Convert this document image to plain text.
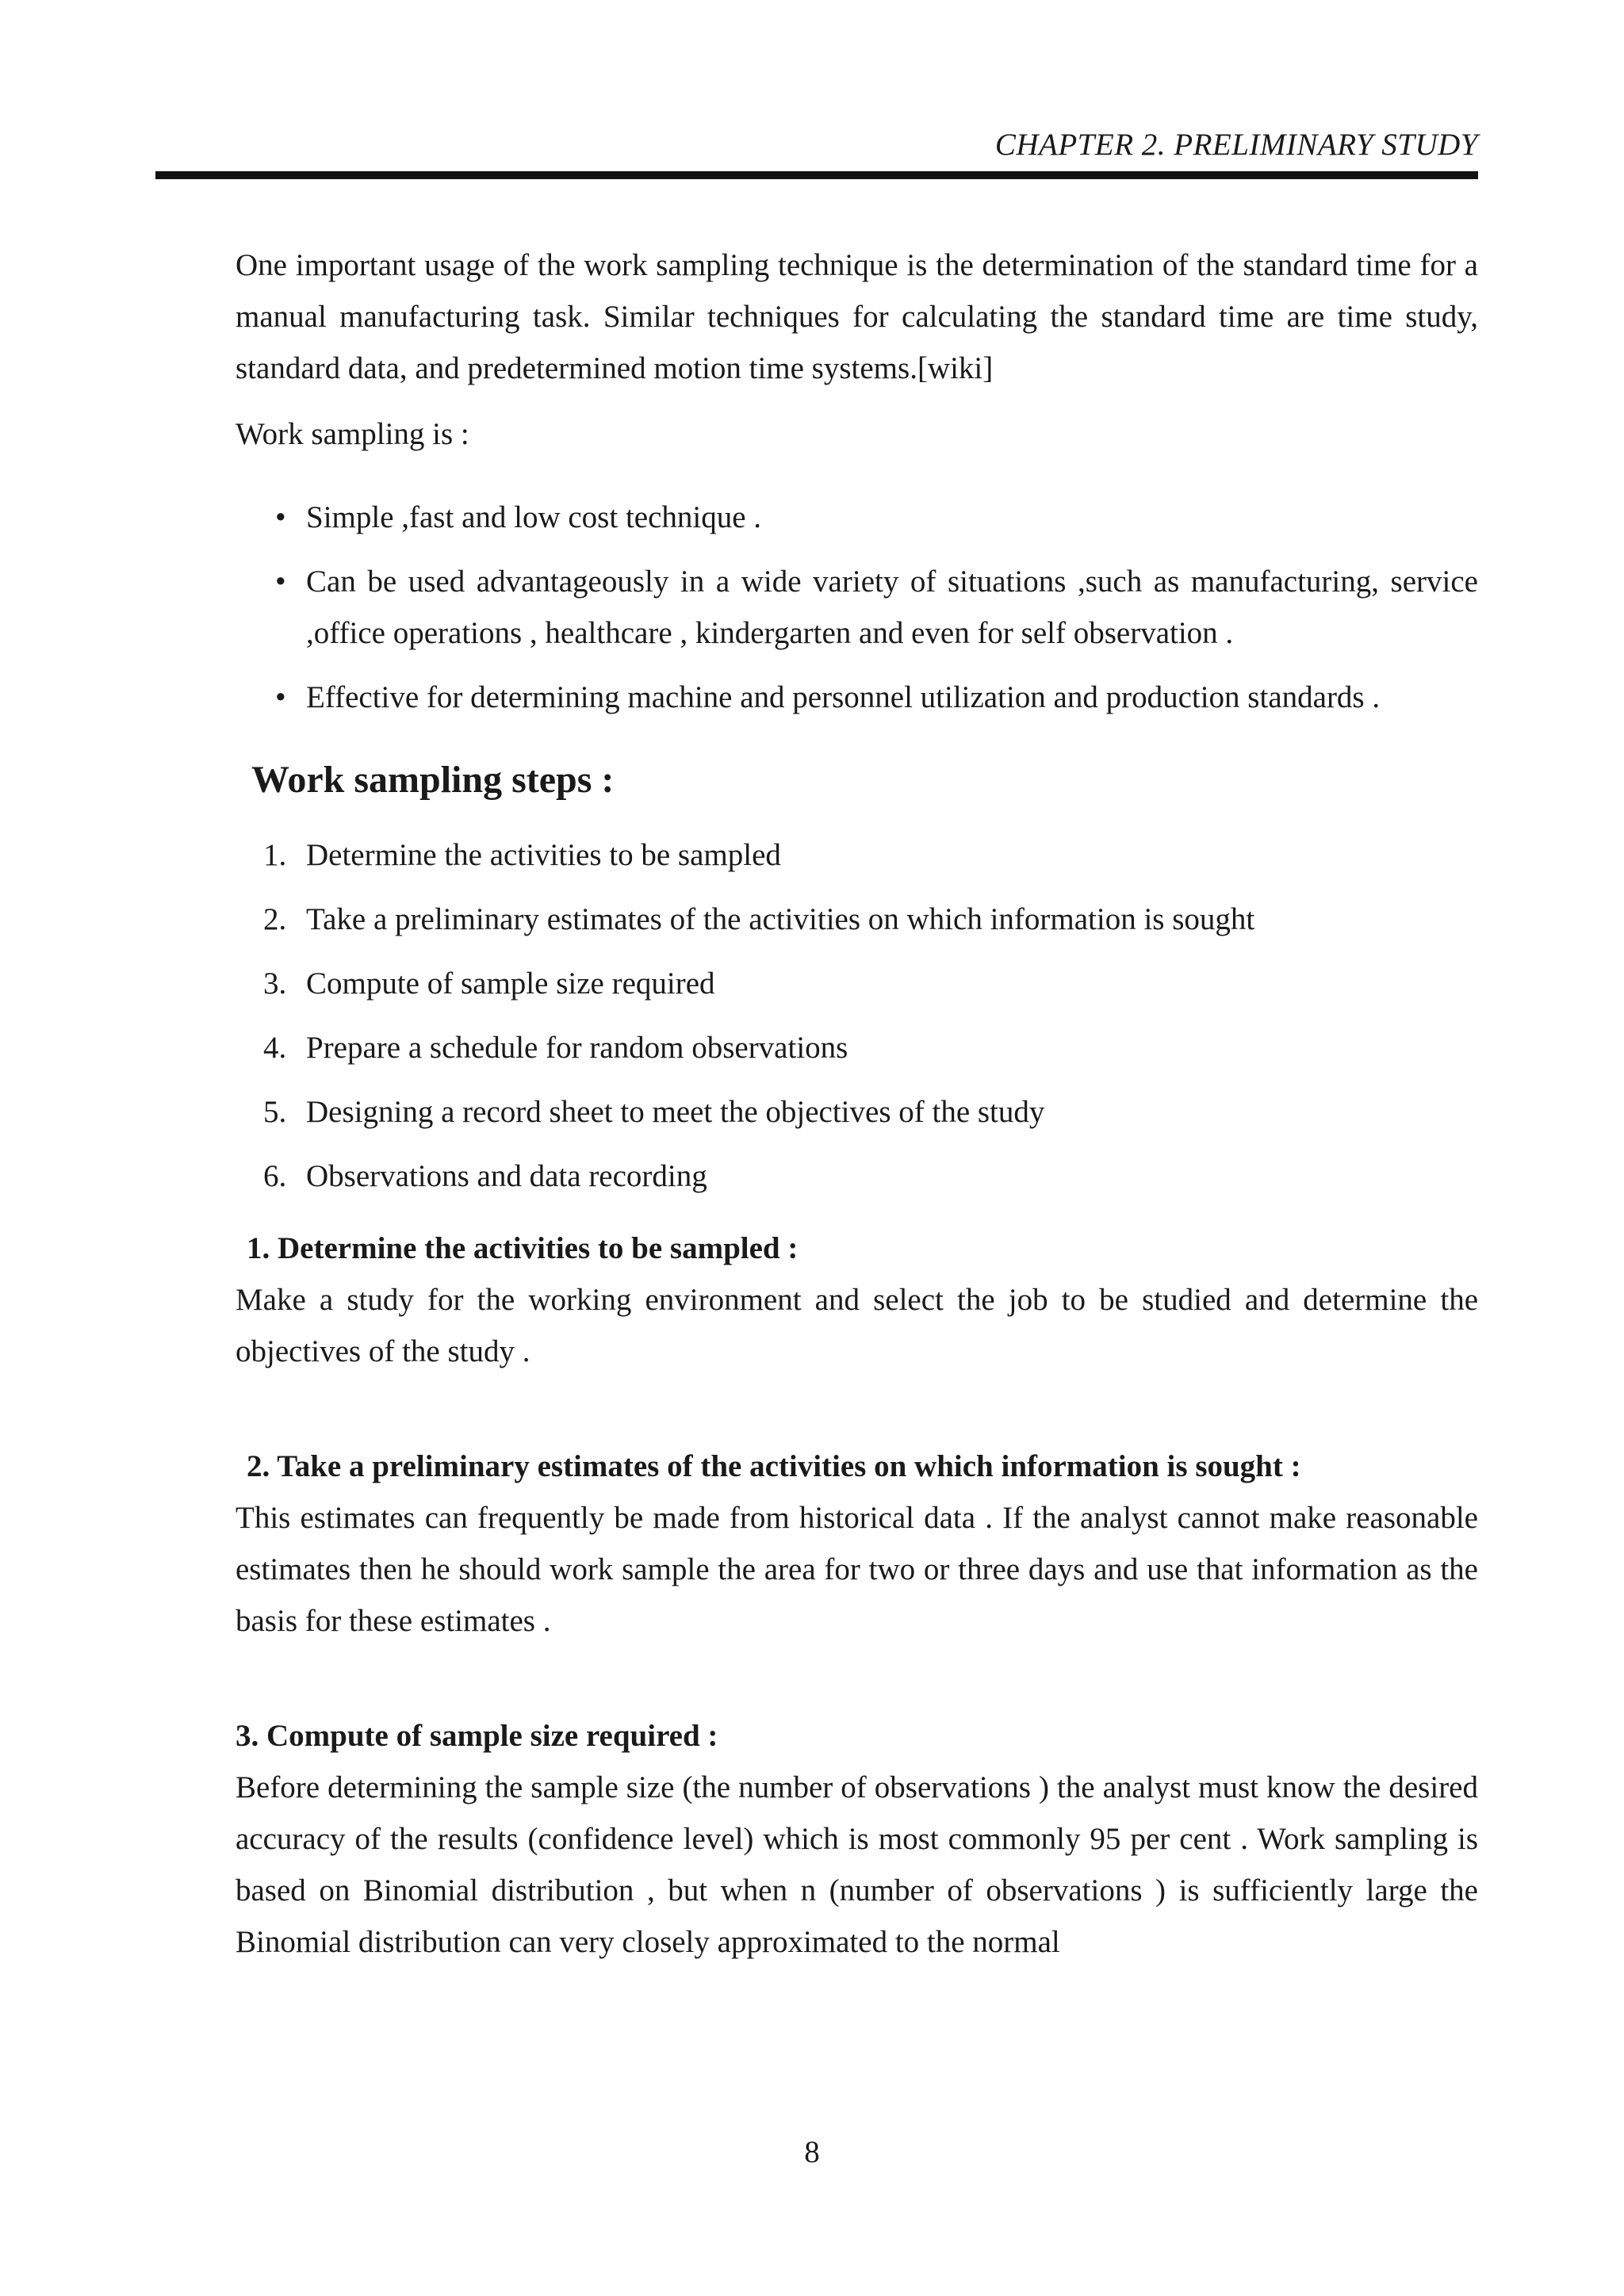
CHAPTER 2. PRELIMINARY STUDY

One important usage of the work sampling technique is the determination of the standard time for a manual manufacturing task. Similar techniques for calculating the standard time are time study, standard data, and predetermined motion time systems.[wiki]

Work sampling is :

• Simple ,fast and low cost technique .
• Can be used advantageously in a wide variety of situations ,such as manufacturing, service ,office operations , healthcare , kindergarten and even for self observation .
• Effective for determining machine and personnel utilization and production standards .
Work sampling steps :
1. Determine the activities to be sampled
2. Take a preliminary estimates of the activities on which information is sought
3. Compute of sample size required
4. Prepare a schedule for random observations
5. Designing a record sheet to meet the objectives of the study
6. Observations and data recording

1. Determine the activities to be sampled :

Make a study for the working environment and select the job to be studied and determine the objectives of the study .

2. Take a preliminary estimates of the activities on which information is sought :

This estimates can frequently be made from historical data . If the analyst cannot make reasonable estimates then he should work sample the area for two or three days and use that information as the basis for these estimates .

3. Compute of sample size required :

Before determining the sample size (the number of observations ) the analyst must know the desired accuracy of the results (confidence level) which is most commonly 95 per cent . Work sampling is based on Binomial distribution , but when n (number of observations ) is sufficiently large the Binomial distribution can very closely approximated to the normal

8
